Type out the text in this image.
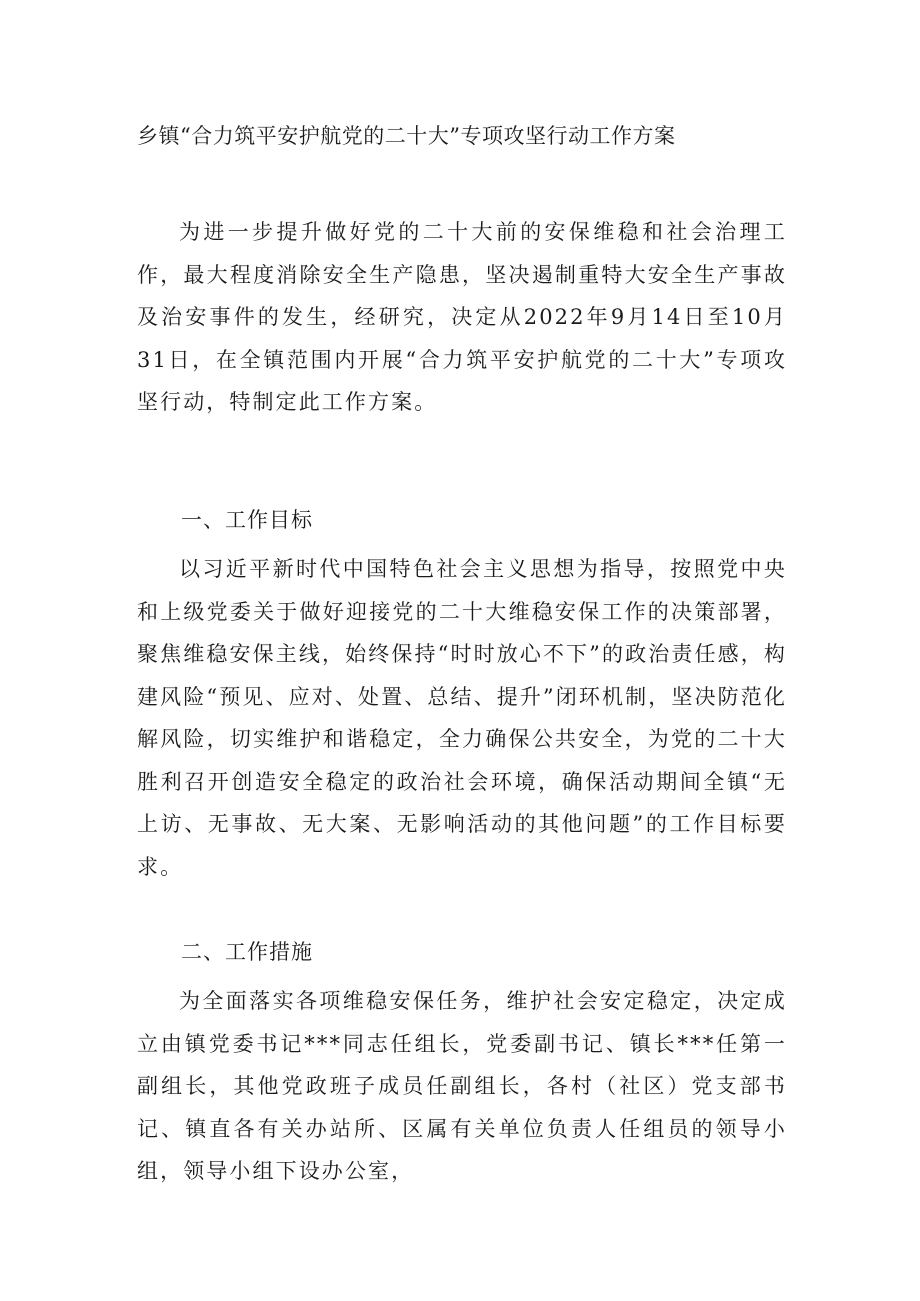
乡镇“合力筑平安护航党的二十大”专项攻坚行动工作方案

为进一步提升做好党的二十大前的安保维稳和社会治理工作，最大程度消除安全生产隐患，坚决遏制重特大安全生产事故及治安事件的发生，经研究，决定从2022年9月14日至10月31日，在全镇范围内开展“合力筑平安护航党的二十大”专项攻坚行动，特制定此工作方案。

一、工作目标

以习近平新时代中国特色社会主义思想为指导，按照党中央和上级党委关于做好迎接党的二十大维稳安保工作的决策部署，聚焦维稳安保主线，始终保持“时时放心不下”的政治责任感，构建风险“预见、应对、处置、总结、提升”闭环机制，坚决防范化解风险，切实维护和谐稳定，全力确保公共安全，为党的二十大胜利召开创造安全稳定的政治社会环境，确保活动期间全镇“无上访、无事故、无大案、无影响活动的其他问题”的工作目标要求。

二、工作措施

为全面落实各项维稳安保任务，维护社会安定稳定，决定成立由镇党委书记***同志任组长，党委副书记、镇长***任第一副组长，其他党政班子成员任副组长，各村（社区）党支部书记、镇直各有关办站所、区属有关单位负责人任组员的领导小组，领导小组下设办公室，
